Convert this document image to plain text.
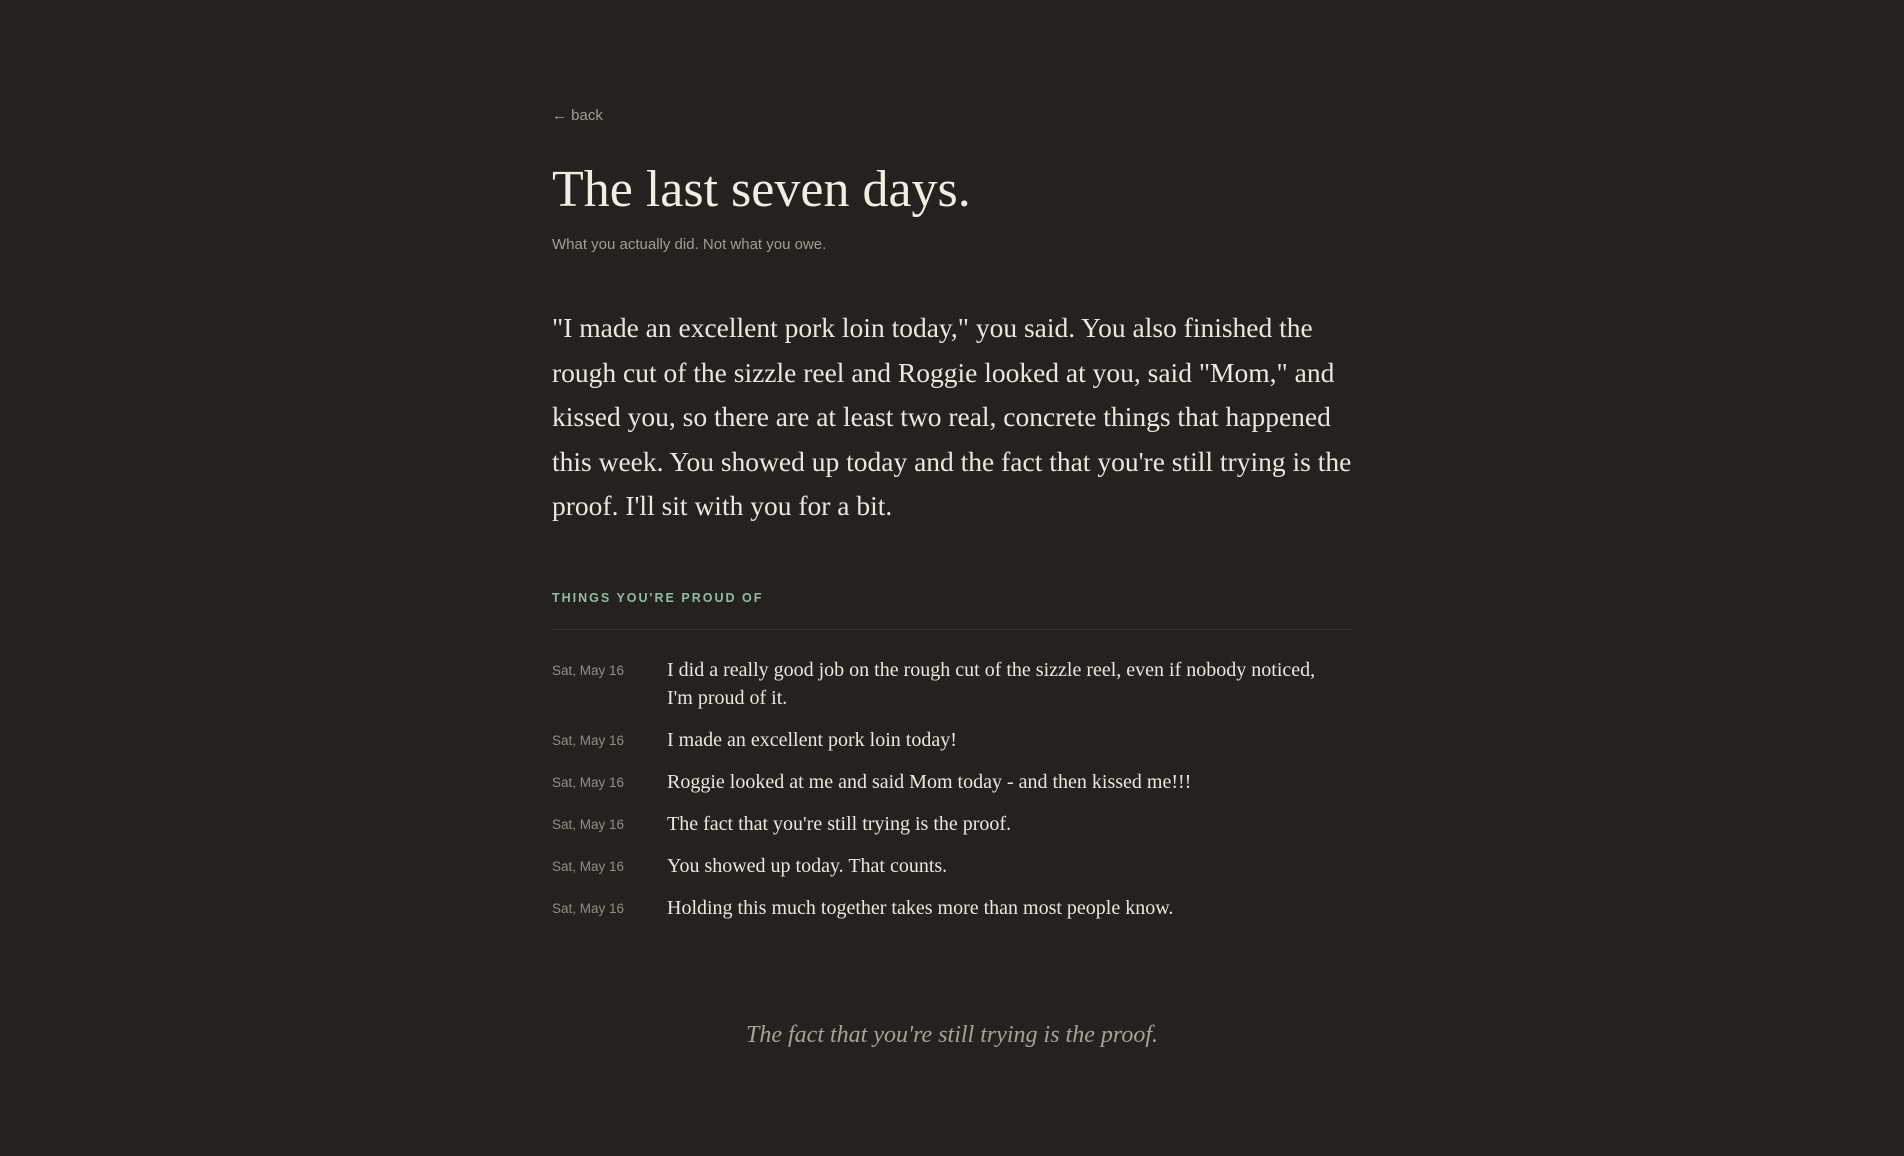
← back
The last seven days.

What you actually did. Not what you owe.

"I made an excellent pork loin today," you said. You also finished the rough cut of the sizzle reel and Roggie looked at you, said "Mom," and kissed you, so there are at least two real, concrete things that happened this week. You showed up today and the fact that you're still trying is the proof. I'll sit with you for a bit.

THINGS YOU'RE PROUD OF
Sat, May 16	I did a really good job on the rough cut of the sizzle reel, even if nobody noticed, I'm proud of it.
Sat, May 16	I made an excellent pork loin today!
Sat, May 16	Roggie looked at me and said Mom today - and then kissed me!!!
Sat, May 16	The fact that you're still trying is the proof.
Sat, May 16	You showed up today. That counts.
Sat, May 16	Holding this much together takes more than most people know.

The fact that you're still trying is the proof.
